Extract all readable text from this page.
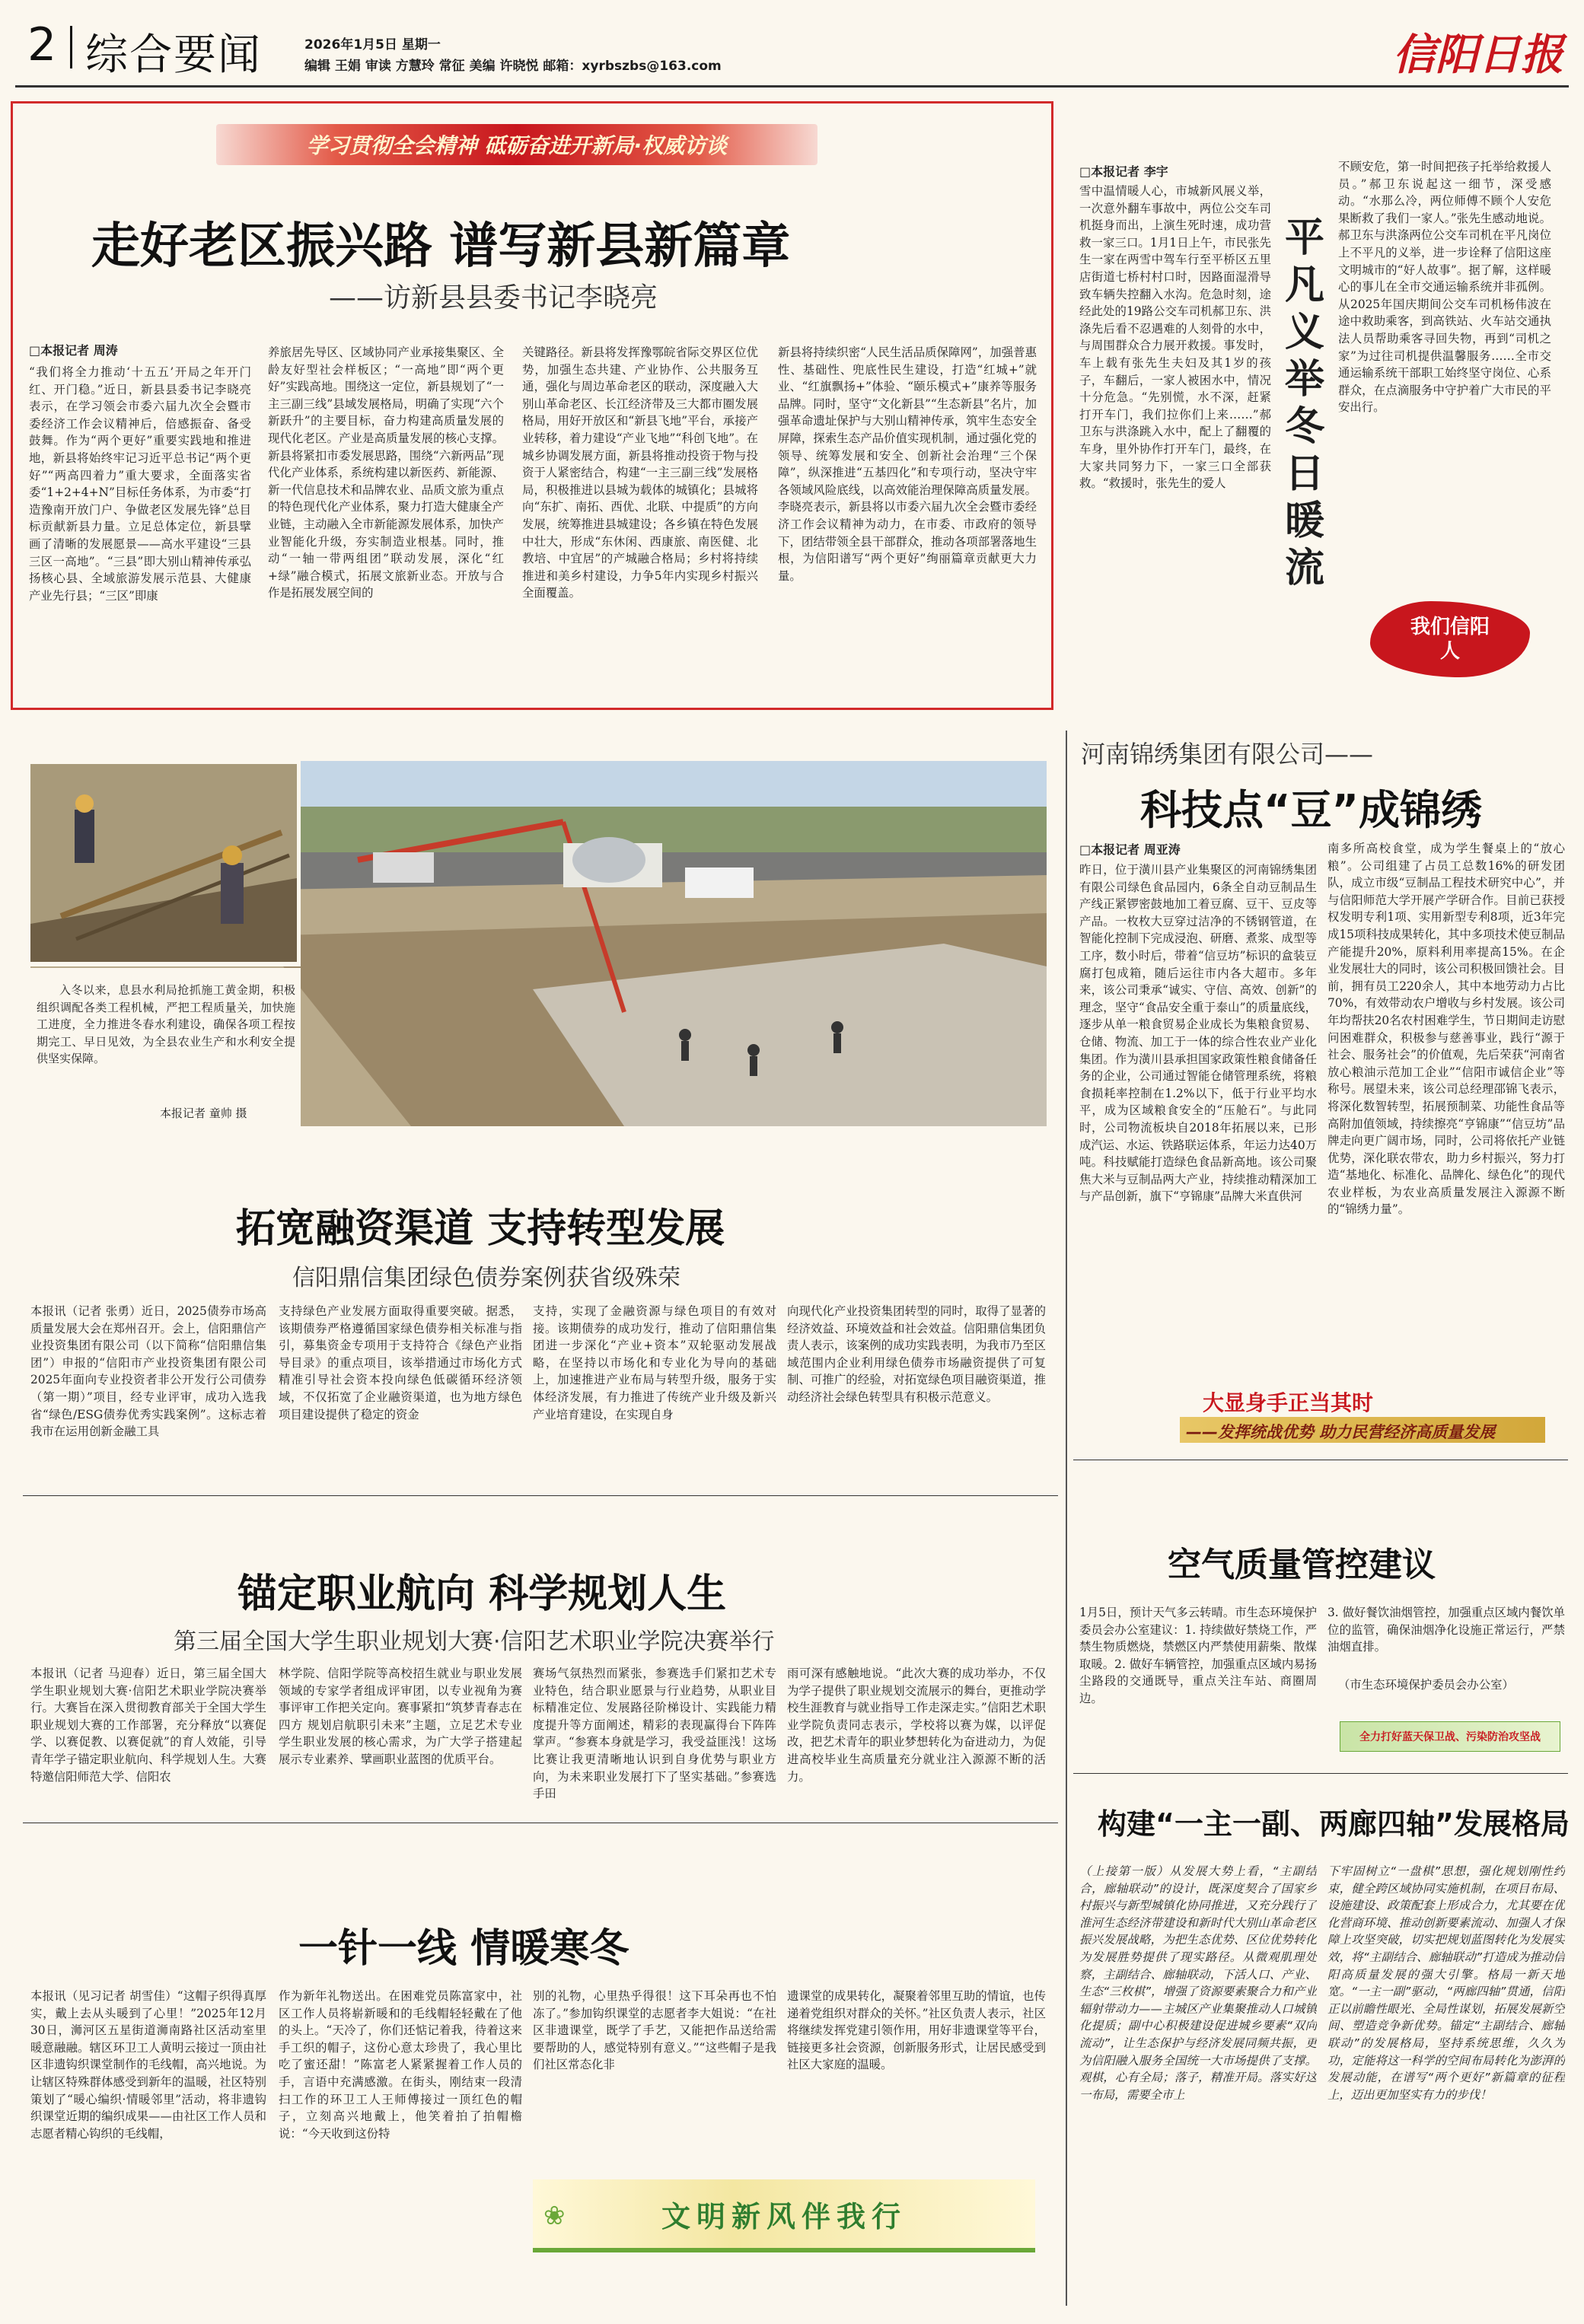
2 综合要闻	2026年1月5日 星期一
编辑 王娟 审读 方慧玲 常征 美编 许晓悦 邮箱：xyrbszbs@163.com	信阳日报
学习贯彻全会精神 砥砺奋进开新局·权威访谈
走好老区振兴路 谱写新县新篇章
——访新县县委书记李晓亮
□本报记者 周涛
“我们将全力推动‘十五五’开局之年开门红、开门稳。”近日，新县县委书记李晓亮表示，在学习领会市委六届九次全会暨市委经济工作会议精神后，倍感振奋、备受鼓舞。作为“两个更好”重要实践地和推进地，新县将始终牢记习近平总书记“两个更好”“两高四着力”重大要求，全面落实省委“1+2+4+N”目标任务体系，为市委“打造豫南开放门户、争做老区发展先锋”总目标贡献新县力量。立足总体定位，新县擘画了清晰的发展愿景——高水平建设“三县三区一高地”。“三县”即大别山精神传承弘扬核心县、全域旅游发展示范县、大健康产业先行县；“三区”即康
养旅居先导区、区域协同产业承接集聚区、全龄友好型社会样板区；“一高地”即“两个更好”实践高地。围绕这一定位，新县规划了“一主三副三线”县域发展格局，明确了实现“六个新跃升”的主要目标，奋力构建高质量发展的现代化老区。产业是高质量发展的核心支撑。新县将紧扣市委发展思路，围绕“六新两品”现代化产业体系，系统构建以新医药、新能源、新一代信息技术和品牌农业、品质文旅为重点的特色现代化产业体系，聚力打造大健康全产业链，主动融入全市新能源发展体系，加快产业智能化升级，夯实制造业根基。同时，推动“一轴一带两组团”联动发展，深化“红+绿”融合模式，拓展文旅新业态。开放与合作是拓展发展空间的
关键路径。新县将发挥豫鄂皖省际交界区位优势，加强生态共建、产业协作、公共服务互通，强化与周边革命老区的联动，深度融入大别山革命老区、长江经济带及三大都市圈发展格局，用好开放区和“新县飞地”平台，承接产业转移，着力建设“产业飞地”“科创飞地”。在城乡协调发展方面，新县将推动投资于物与投资于人紧密结合，构建“一主三副三线”发展格局，积极推进以县城为载体的城镇化；县城将向“东扩、南拓、西优、北联、中提质”的方向发展，统筹推进县城建设；各乡镇在特色发展中壮大，形成“东休闲、西康旅、南医健、北教培、中宜居”的产城融合格局；乡村将持续推进和美乡村建设，力争5年内实现乡村振兴全面覆盖。
新县将持续织密“人民生活品质保障网”，加强普惠性、基础性、兜底性民生建设，打造“红城+”就业、“红旗飘扬+”体验、“颐乐模式+”康养等服务品牌。同时，坚守“文化新县”“生态新县”名片，加强革命遗址保护与大别山精神传承，筑牢生态安全屏障，探索生态产品价值实现机制，通过强化党的领导、统筹发展和安全、创新社会治理“三个保障”，纵深推进“五基四化”和专项行动，坚决守牢各领域风险底线，以高效能治理保障高质量发展。李晓亮表示，新县将以市委六届九次全会暨市委经济工作会议精神为动力，在市委、市政府的领导下，团结带领全县干部群众，推动各项部署落地生根，为信阳谱写“两个更好”绚丽篇章贡献更大力量。
□本报记者 李宇
雪中温情暖人心，市城新风展义举，一次意外翻车事故中，两位公交车司机挺身而出，上演生死时速，成功营救一家三口。1月1日上午，市民张先生一家在两雪中驾车行至平桥区五里店街道七桥村村口时，因路面湿滑导致车辆失控翻入水沟。危急时刻，途经此处的19路公交车司机郝卫东、洪涤先后看不忍遇难的人刻骨的水中，与周围群众合力展开救援。事发时，车上载有张先生夫妇及其1岁的孩子，车翻后，一家人被困水中，情况十分危急。“先别慌，水不深，赶紧打开车门，我们拉你们上来……”郝卫东与洪涤跳入水中，配上了翻覆的车身，里外协作打开车门，最终，在大家共同努力下，一家三口全部获救。“救援时，张先生的爱人
平凡义举 冬日暖流
不顾安危，第一时间把孩子托举给救援人员。”郝卫东说起这一细节，深受感动。“水那么冷，两位师傅不顾个人安危果断救了我们一家人。”张先生感动地说。郝卫东与洪涤两位公交车司机在平凡岗位上不平凡的义举，进一步诠释了信阳这座文明城市的“好人故事”。据了解，这样暖心的事儿在全市交通运输系统并非孤例。从2025年国庆期间公交车司机杨伟波在途中救助乘客，到高铁站、火车站交通执法人员帮助乘客寻回失物，再到“司机之家”为过往司机提供温馨服务……全市交通运输系统干部职工始终坚守岗位、心系群众，在点滴服务中守护着广大市民的平安出行。
我们信阳人
入冬以来，息县水利局抢抓施工黄金期，积极组织调配各类工程机械，严把工程质量关，加快施工进度，全力推进冬春水利建设，确保各项工程按期完工、早日见效，为全县农业生产和水利安全提供坚实保障。
本报记者 童帅 摄
拓宽融资渠道 支持转型发展
信阳鼎信集团绿色债券案例获省级殊荣
本报讯（记者 张勇）近日，2025债券市场高质量发展大会在郑州召开。会上，信阳鼎信产业投资集团有限公司（以下简称“信阳鼎信集团”）申报的“信阳市产业投资集团有限公司2025年面向专业投资者非公开发行公司债券（第一期）”项目，经专业评审，成功入选我省“绿色/ESG债券优秀实践案例”。这标志着我市在运用创新金融工具
支持绿色产业发展方面取得重要突破。据悉，该期债券严格遵循国家绿色债券相关标准与指引，募集资金专项用于支持符合《绿色产业指导目录》的重点项目，该举措通过市场化方式精准引导社会资本投向绿色低碳循环经济领域，不仅拓宽了企业融资渠道，也为地方绿色项目建设提供了稳定的资金
支持，实现了金融资源与绿色项目的有效对接。该期债券的成功发行，推动了信阳鼎信集团进一步深化“产业+资本”双轮驱动发展战略，在坚持以市场化和专业化为导向的基础上，加速推进产业布局与转型升级，服务于实体经济发展，有力推进了传统产业升级及新兴产业培育建设，在实现自身
向现代化产业投资集团转型的同时，取得了显著的经济效益、环境效益和社会效益。信阳鼎信集团负责人表示，该案例的成功实践表明，为我市乃至区域范围内企业利用绿色债券市场融资提供了可复制、可推广的经验，对拓宽绿色项目融资渠道，推动经济社会绿色转型具有积极示范意义。
锚定职业航向 科学规划人生
第三届全国大学生职业规划大赛·信阳艺术职业学院决赛举行
本报讯（记者 马迎春）近日，第三届全国大学生职业规划大赛·信阳艺术职业学院决赛举行。大赛旨在深入贯彻教育部关于全国大学生职业规划大赛的工作部署，充分释放“以赛促学、以赛促教、以赛促就”的育人效能，引导青年学子锚定职业航向、科学规划人生。大赛特邀信阳师范大学、信阳农
林学院、信阳学院等高校招生就业与职业发展领域的专家学者组成评审团，以专业视角为赛事评审工作把关定向。赛事紧扣“筑梦青春志在四方 规划启航职引未来”主题，立足艺术专业学生职业发展的核心需求，为广大学子搭建起展示专业素养、擘画职业蓝图的优质平台。
赛场气氛热烈而紧张，参赛选手们紧扣艺术专业特色，结合职业愿景与行业趋势，从职业目标精准定位、发展路径阶梯设计、实践能力精度提升等方面阐述，精彩的表现赢得台下阵阵掌声。“参赛本身就是学习，我受益匪浅！这场比赛让我更清晰地认识到自身优势与职业方向，为未来职业发展打下了坚实基础。”参赛选手田
雨可深有感触地说。“此次大赛的成功举办，不仅为学子提供了职业规划交流展示的舞台，更推动学校生涯教育与就业指导工作走深走实。”信阳艺术职业学院负责同志表示，学校将以赛为媒，以评促改，把艺术青年的职业梦想转化为奋进动力，为促进高校毕业生高质量充分就业注入源源不断的活力。
一针一线 情暖寒冬
本报讯（见习记者 胡雪佳）“这帽子织得真厚实，戴上去从头暖到了心里！”2025年12月30日，浉河区五星街道浉南路社区活动室里暖意融融。辖区环卫工人黄明云接过一顶由社区非遗钩织课堂制作的毛线帽，高兴地说。为让辖区特殊群体感受到新年的温暖，社区特别策划了“暖心编织·情暖邻里”活动，将非遗钩织课堂近期的编织成果——由社区工作人员和志愿者精心钩织的毛线帽，
作为新年礼物送出。在困难党员陈富家中，社区工作人员将崭新暖和的毛线帽轻轻戴在了他的头上。“天冷了，你们还惦记着我，待着这来手工织的帽子，这份心意太珍贵了，我心里比吃了蜜还甜！”陈富老人紧紧握着工作人员的手，言语中充满感激。在街头，刚结束一段清扫工作的环卫工人王师傅接过一顶红色的帽子，立刻高兴地戴上，他笑着拍了拍帽檐说：“今天收到这份特
别的礼物，心里热乎得很！这下耳朵再也不怕冻了。”参加钩织课堂的志愿者李大姐说：“在社区非遗课堂，既学了手艺，又能把作品送给需要帮助的人，感觉特别有意义。”“这些帽子是我们社区常态化非
遗课堂的成果转化，凝聚着邻里互助的情谊，也传递着党组织对群众的关怀。”社区负责人表示，社区将继续发挥党建引领作用，用好非遗课堂等平台，链接更多社会资源，创新服务形式，让居民感受到社区大家庭的温暖。
❀	文明新风伴我行
河南锦绣集团有限公司——
科技点“豆”成锦绣
□本报记者 周亚涛
昨日，位于潢川县产业集聚区的河南锦绣集团有限公司绿色食品园内，6条全自动豆制品生产线正紧锣密鼓地加工着豆腐、豆干、豆皮等产品。一枚枚大豆穿过洁净的不锈钢管道，在智能化控制下完成浸泡、研磨、煮浆、成型等工序，数小时后，带着“信豆坊”标识的盒装豆腐打包成箱，随后运往市内各大超市。多年来，该公司秉承“诚实、守信、高效、创新”的理念，坚守“食品安全重于泰山”的质量底线，逐步从单一粮食贸易企业成长为集粮食贸易、仓储、物流、加工于一体的综合性农业产业化集团。作为潢川县承担国家政策性粮食储备任务的企业，公司通过智能仓储管理系统，将粮食损耗率控制在1.2%以下，低于行业平均水平，成为区域粮食安全的“压舱石”。与此同时，公司物流板块自2018年拓展以来，已形成汽运、水运、铁路联运体系，年运力达40万吨。科技赋能打造绿色食品新高地。该公司聚焦大米与豆制品两大产业，持续推动精深加工与产品创新，旗下“亨锦康”品牌大米直供河
南多所高校食堂，成为学生餐桌上的“放心粮”。公司组建了占员工总数16%的研发团队，成立市级“豆制品工程技术研究中心”，并与信阳师范大学开展产学研合作。目前已获授权发明专利1项、实用新型专利8项，近3年完成15项科技成果转化，其中多项技术使豆制品产能提升20%，原料利用率提高15%。在企业发展壮大的同时，该公司积极回馈社会。目前，拥有员工220余人，其中本地劳动力占比70%，有效带动农户增收与乡村发展。该公司年均帮扶20名农村困难学生，节日期间走访慰问困难群众，积极参与慈善事业，践行“源于社会、服务社会”的价值观，先后荣获“河南省放心粮油示范加工企业”“信阳市诚信企业”等称号。展望未来，该公司总经理邵锦飞表示，将深化数智转型，拓展预制菜、功能性食品等高附加值领域，持续擦亮“亨锦康”“信豆坊”品牌走向更广阔市场，同时，公司将依托产业链优势，深化联农带农，助力乡村振兴，努力打造“基地化、标准化、品牌化、绿色化”的现代农业样板，为农业高质量发展注入源源不断的“锦绣力量”。
大显身手正当其时
——发挥统战优势 助力民营经济高质量发展
空气质量管控建议
1月5日，预计天气多云转晴。市生态环境保护委员会办公室建议：1. 持续做好禁烧工作，严禁生物质燃烧，禁燃区内严禁使用薪柴、散煤取暖。2. 做好车辆管控，加强重点区域内易扬尘路段的交通既导，重点关注车站、商圈周边。
3. 做好餐饮油烟管控，加强重点区域内餐饮单位的监管，确保油烟净化设施正常运行，严禁油烟直排。
（市生态环境保护委员会办公室）
全力打好蓝天保卫战、污染防治攻坚战
构建“一主一副、两廊四轴”发展格局
（上接第一版）从发展大势上看，“主副结合，廊轴联动”的设计，既深度契合了国家乡村振兴与新型城镇化协同推进，又充分践行了淮河生态经济带建设和新时代大别山革命老区振兴发展战略，为把生态优势、区位优势转化为发展胜势提供了现实路径。从微观肌理处察，主副结合、廊轴联动，下活人口、产业、生态“三枚棋”，增强了资源要素聚合力和产业辐射带动力——主城区产业集聚推动人口城镇化提质；副中心积极建设促进城乡要素“双向流动”，让生态保护与经济发展同频共振，更为信阳融入服务全国统一大市场提供了支撑。观棋，心有全局；落子，精准开局。落实好这一布局，需要全市上
下牢固树立“一盘棋”思想，强化规划刚性约束，健全跨区域协同实施机制，在项目布局、设施建设、政策配套上形成合力，尤其要在优化营商环境、推动创新要素流动、加强人才保障上攻坚突破，切实把规划蓝图转化为发展实效，将“主副结合、廊轴联动”打造成为推动信阳高质量发展的强大引擎。格局一新天地宽。“一主一副”驱动，“两廊四轴”贯通，信阳正以前瞻性眼光、全局性谋划，拓展发展新空间、塑造竞争新优势。锚定“主副结合、廊轴联动”的发展格局，坚持系统思维，久久为功，定能将这一科学的空间布局转化为澎湃的发展动能，在谱写“两个更好”新篇章的征程上，迈出更加坚实有力的步伐！
